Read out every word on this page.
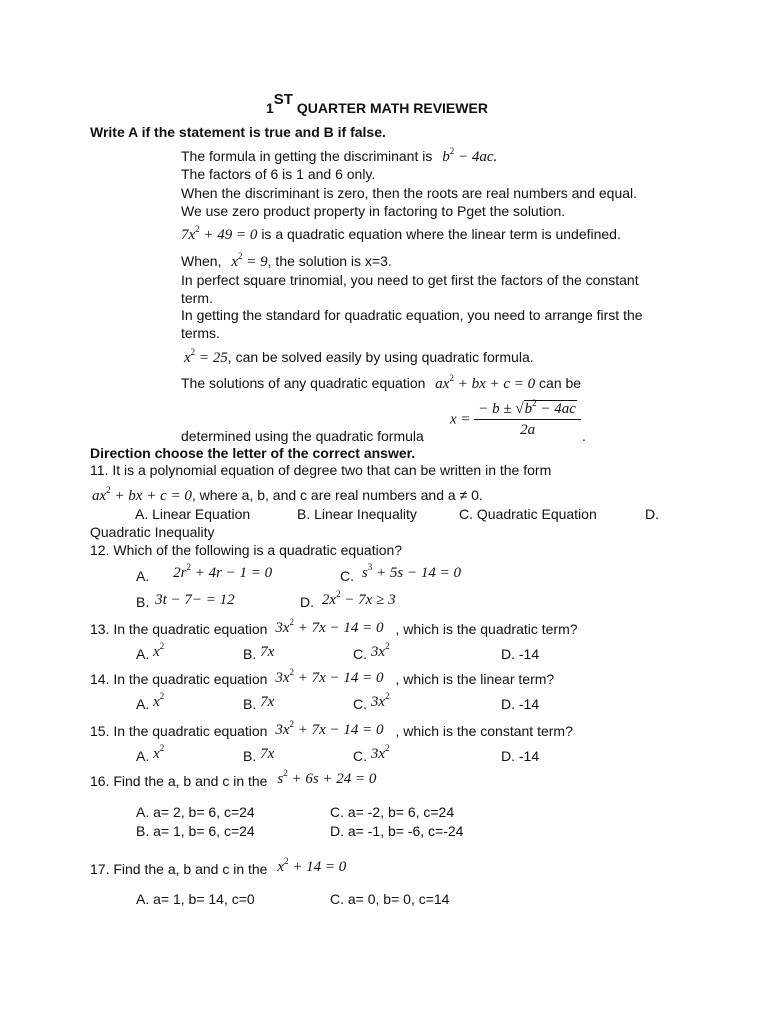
1ST QUARTER MATH REVIEWER
Write A if the statement is true and B if false.
The formula in getting the discriminant is $b^2 - 4ac$.
The factors of 6 is 1 and 6 only.
When the discriminant is zero, then the roots are real numbers and equal.
We use zero product property in factoring to Pget the solution.
$7x^2 + 49 = 0$ is a quadratic equation where the linear term is undefined.
When, $x^2 = 9$, the solution is x=3.
In perfect square trinomial, you need to get first the factors of the constant
term.
In getting the standard for quadratic equation, you need to arrange first the
terms.
$x^2 = 25$, can be solved easily by using quadratic formula.
The solutions of any quadratic equation $ax^2$ + bx + c = 0 can be
$x = \frac{- b \pm √b^2 - 4ac}{2a}$
determined using the quadratic formula	.
Direction choose the letter of the correct answer.
11. It is a polynomial equation of degree two that can be written in the form
$ax^2$ + bx + c = 0, where a, b, and c are real numbers and a ≠ 0.
A. Linear Equation	B. Linear Inequality	C. Quadratic Equation	D.
Quadratic Inequality
12. Which of the following is a quadratic equation?
A. $2r^2 + 4r - 1 = 0$	C. $s^3 + 5s - 14 = 0$
B. 3t − 7− = 12	D. $2x^2 - 7x \ge 3$
13. In the quadratic equation $3x^2 + 7x - 14 = 0$ , which is the quadratic term?
A. $x^2$	B. 7x	C. $3x^2$	D. -14
14. In the quadratic equation $3x^2 + 7x - 14 = 0$ , which is the linear term?
A. $x^2$	B. 7x	C. $3x^2$	D. -14
15. In the quadratic equation $3x^2 + 7x - 14 = 0$ , which is the constant term?
A. $x^2$	B. 7x	C. $3x^2$	D. -14
16. Find the a, b and c in the $s^2 + 6s + 24 = 0$
A. a= 2, b= 6, c=24	C. a= -2, b= 6, c=24
B. a= 1, b= 6, c=24	D. a= -1, b= -6, c=-24
17. Find the a, b and c in the $x^2 + 14 = 0$
A. a= 1, b= 14, c=0	C. a= 0, b= 0, c=14
